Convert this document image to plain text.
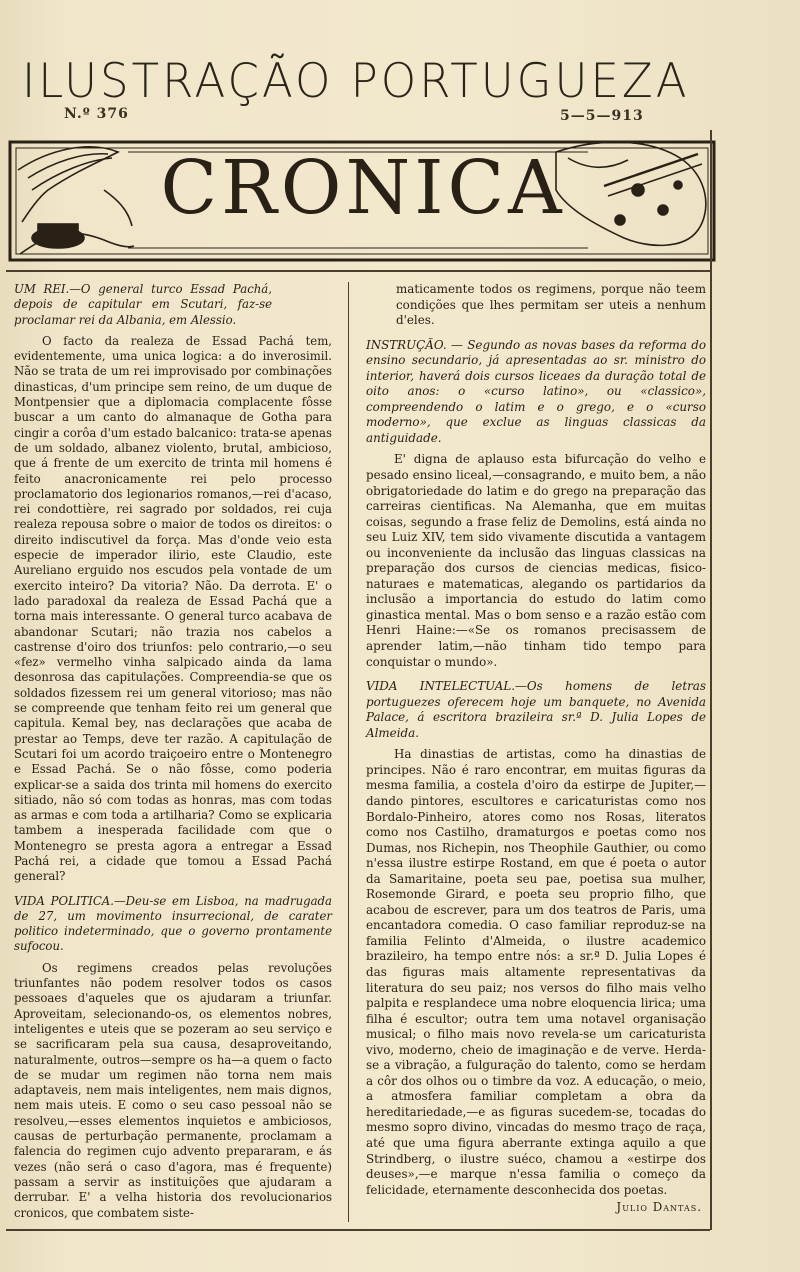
ILUSTRAÇÃO PORTUGUEZA
N.º 376	5—5—913
CRONICA

UM REI.—O general turco Essad Pachá, depois de capitular em Scutari, faz-se proclamar rei da Albania, em Alessio.

O facto da realeza de Essad Pachá tem, evidentemente, uma unica logica: a do inverosimil. Não se trata de um rei improvisado por combinações dinasticas, d'um principe sem reino, de um duque de Montpensier que a diplomacia complacente fôsse buscar a um canto do almanaque de Gotha para cingir a corôa d'um estado balcanico: trata-se apenas de um soldado, albanez violento, brutal, ambicioso, que á frente de um exercito de trinta mil homens é feito anacronicamente rei pelo processo proclamatorio dos legionarios romanos,—rei d'acaso, rei condottière, rei sagrado por soldados, rei cuja realeza repousa sobre o maior de todos os direitos: o direito indiscutivel da força. Mas d'onde veio esta especie de imperador ilirio, este Claudio, este Aureliano erguido nos escudos pela vontade de um exercito inteiro? Da vitoria? Não. Da derrota. E' o lado paradoxal da realeza de Essad Pachá que a torna mais interessante. O general turco acabava de abandonar Scutari; não trazia nos cabelos a castrense d'oiro dos triunfos: pelo contrario,—o seu «fez» vermelho vinha salpicado ainda da lama desonrosa das capitulações. Compreendia-se que os soldados fizessem rei um general vitorioso; mas não se compreende que tenham feito rei um general que capitula. Kemal bey, nas declarações que acaba de prestar ao Temps, deve ter razão. A capitulação de Scutari foi um acordo traiçoeiro entre o Montenegro e Essad Pachá. Se o não fôsse, como poderia explicar-se a saida dos trinta mil homens do exercito sitiado, não só com todas as honras, mas com todas as armas e com toda a artilharia? Como se explicaria tambem a inesperada facilidade com que o Montenegro se presta agora a entregar a Essad Pachá rei, a cidade que tomou a Essad Pachá general?

VIDA POLITICA.—Deu-se em Lisboa, na madrugada de 27, um movimento insurrecional, de carater politico indeterminado, que o governo prontamente sufocou.

Os regimens creados pelas revoluções triunfantes não podem resolver todos os casos pessoaes d'aqueles que os ajudaram a triunfar. Aproveitam, selecionando-os, os elementos nobres, inteligentes e uteis que se pozeram ao seu serviço e se sacrificaram pela sua causa, desaproveitando, naturalmente, outros—sempre os ha—a quem o facto de se mudar um regimen não torna nem mais adaptaveis, nem mais inteligentes, nem mais dignos, nem mais uteis. E como o seu caso pessoal não se resolveu,—esses elementos inquietos e ambiciosos, causas de perturbação permanente, proclamam a falencia do regimen cujo advento prepararam, e ás vezes (não será o caso d'agora, mas é frequente) passam a servir as instituições que ajudaram a derrubar. E' a velha historia dos revolucionarios cronicos, que combatem siste-

maticamente todos os regimens, porque não teem condições que lhes permitam ser uteis a nenhum d'eles.

INSTRUÇÃO. — Segundo as novas bases da reforma do ensino secundario, já apresentadas ao sr. ministro do interior, haverá dois cursos liceaes da duração total de oito anos: o «curso latino», ou «classico», compreendendo o latim e o grego, e o «curso moderno», que exclue as linguas classicas da antiguidade.

E' digna de aplauso esta bifurcação do velho e pesado ensino liceal,—consagrando, e muito bem, a não obrigatoriedade do latim e do grego na preparação das carreiras cientificas. Na Alemanha, que em muitas coisas, segundo a frase feliz de Demolins, está ainda no seu Luiz XIV, tem sido vivamente discutida a vantagem ou inconveniente da inclusão das linguas classicas na preparação dos cursos de ciencias medicas, fisico-naturaes e matematicas, alegando os partidarios da inclusão a importancia do estudo do latim como ginastica mental. Mas o bom senso e a razão estão com Henri Haine:—«Se os romanos precisassem de aprender latim,—não tinham tido tempo para conquistar o mundo».

VIDA INTELECTUAL.—Os homens de letras portuguezes oferecem hoje um banquete, no Avenida Palace, á escritora brazileira sr.ª D. Julia Lopes de Almeida.

Ha dinastias de artistas, como ha dinastias de principes. Não é raro encontrar, em muitas figuras da mesma familia, a costela d'oiro da estirpe de Jupiter,—dando pintores, escultores e caricaturistas como nos Bordalo-Pinheiro, atores como nos Rosas, literatos como nos Castilho, dramaturgos e poetas como nos Dumas, nos Richepin, nos Theophile Gauthier, ou como n'essa ilustre estirpe Rostand, em que é poeta o autor da Samaritaine, poeta seu pae, poetisa sua mulher, Rosemonde Girard, e poeta seu proprio filho, que acabou de escrever, para um dos teatros de Paris, uma encantadora comedia. O caso familiar reproduz-se na familia Felinto d'Almeida, o ilustre academico brazileiro, ha tempo entre nós: a sr.ª D. Julia Lopes é das figuras mais altamente representativas da literatura do seu paiz; nos versos do filho mais velho palpita e resplandece uma nobre eloquencia lirica; uma filha é escultor; outra tem uma notavel organisação musical; o filho mais novo revela-se um caricaturista vivo, moderno, cheio de imaginação e de verve. Herda-se a vibração, a fulguração do talento, como se herdam a côr dos olhos ou o timbre da voz. A educação, o meio, a atmosfera familiar completam a obra da hereditariedade,—e as figuras sucedem-se, tocadas do mesmo sopro divino, vincadas do mesmo traço de raça, até que uma figura aberrante extinga aquilo a que Strindberg, o ilustre suéco, chamou a «estirpe dos deuses»,—e marque n'essa familia o começo da felicidade, eternamente desconhecida dos poetas.

Julio Dantas.
